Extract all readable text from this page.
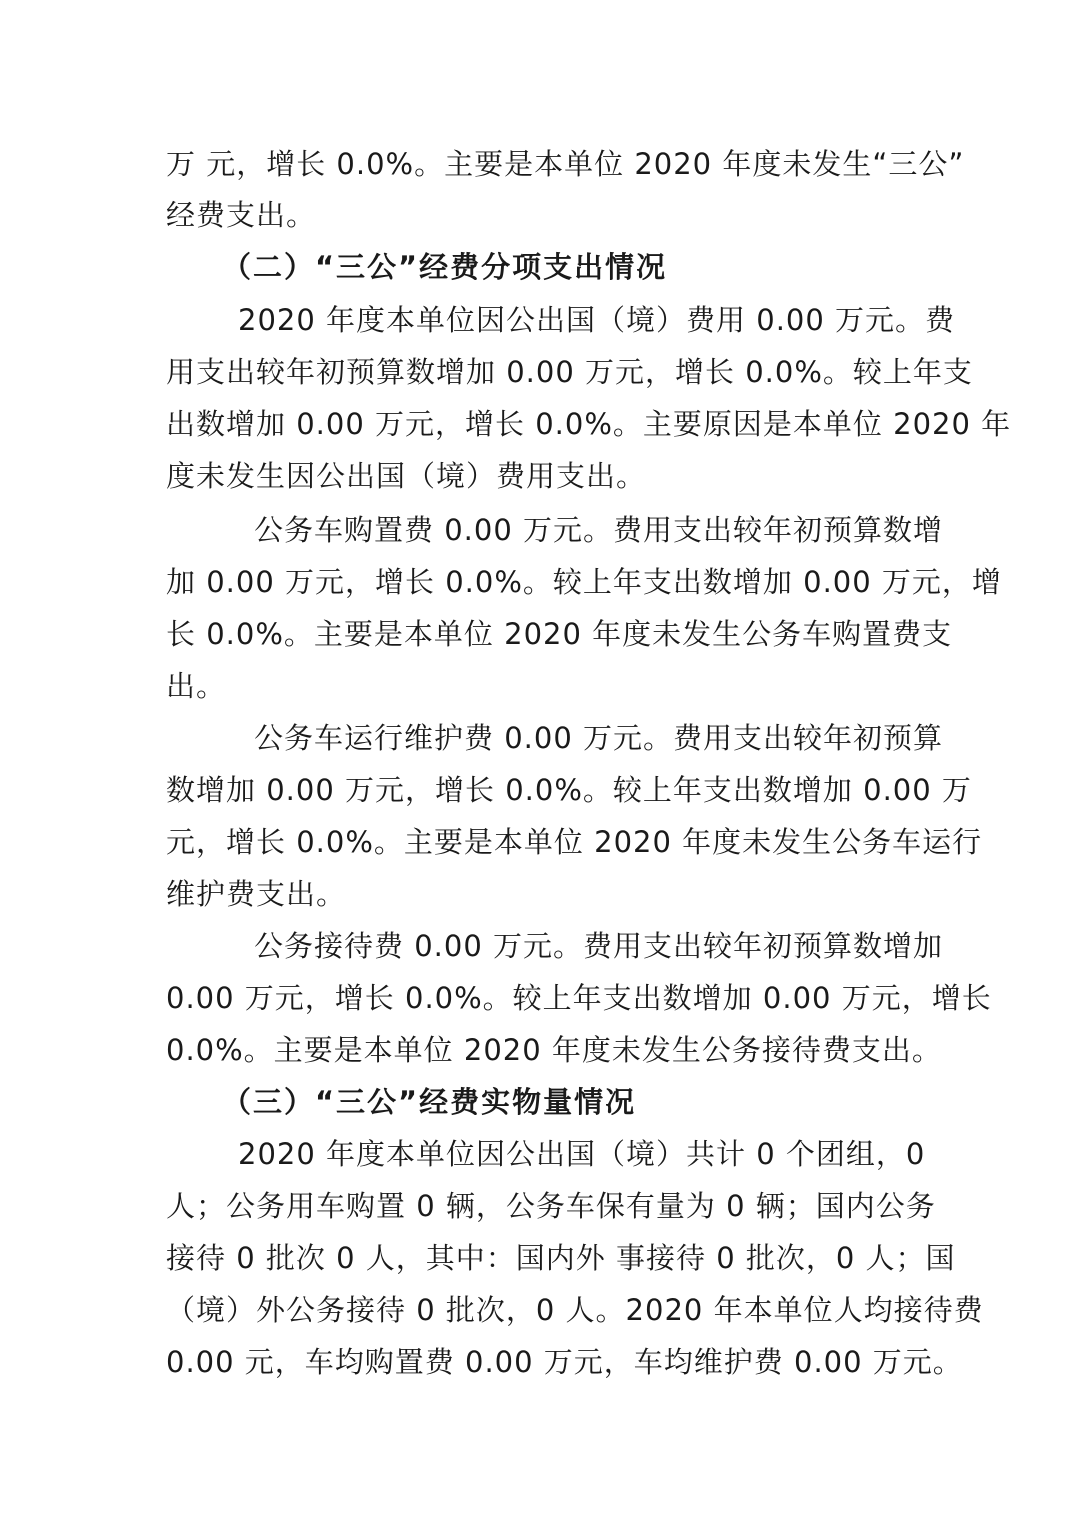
万 元，增长 0.0%。主要是本单位 2020 年度未发生“三公”
经费支出。
（二）“三公”经费分项支出情况
2020 年度本单位因公出国（境）费用 0.00 万元。费
用支出较年初预算数增加 0.00 万元，增长 0.0%。较上年支
出数增加 0.00 万元，增长 0.0%。主要原因是本单位 2020 年
度未发生因公出国（境）费用支出。
公务车购置费 0.00 万元。费用支出较年初预算数增
加 0.00 万元，增长 0.0%。较上年支出数增加 0.00 万元，增
长 0.0%。主要是本单位 2020 年度未发生公务车购置费支
出。
公务车运行维护费 0.00 万元。费用支出较年初预算
数增加 0.00 万元，增长 0.0%。较上年支出数增加 0.00 万
元，增长 0.0%。主要是本单位 2020 年度未发生公务车运行
维护费支出。
公务接待费 0.00 万元。费用支出较年初预算数增加
0.00 万元，增长 0.0%。较上年支出数增加 0.00 万元，增长
0.0%。主要是本单位 2020 年度未发生公务接待费支出。
（三）“三公”经费实物量情况
2020 年度本单位因公出国（境）共计 0 个团组，0
人；公务用车购置 0 辆，公务车保有量为 0 辆；国内公务
接待 0 批次 0 人，其中：国内外 事接待 0 批次，0 人；国
（境）外公务接待 0 批次，0 人。2020 年本单位人均接待费
0.00 元，车均购置费 0.00 万元，车均维护费 0.00 万元。
